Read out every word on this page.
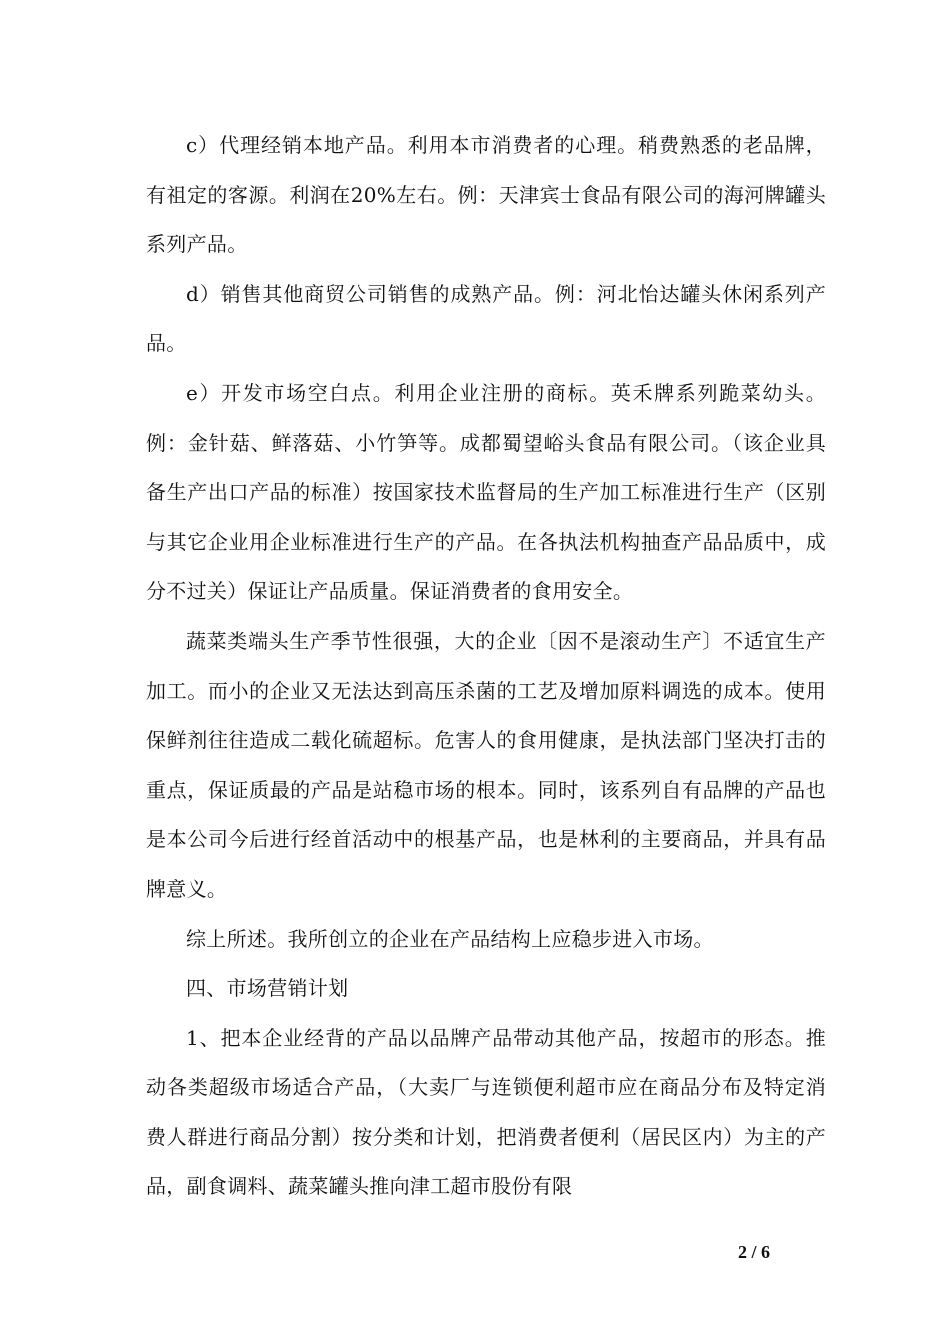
c）代理经销本地产品。利用本市消费者的心理。稍费熟悉的老品牌，有祖定的客源。利润在20%左右。例：天津宾士食品有限公司的海河牌罐头系列产品。

d）销售其他商贸公司销售的成熟产品。例：河北怡达罐头休闲系列产品。

e）开发市场空白点。利用企业注册的商标。英禾牌系列跪菜幼头。例：金针菇、鲜落菇、小竹笋等。成都蜀望峪头食品有限公司。（该企业具备生产出口产品的标准）按国家技术监督局的生产加工标准进行生产（区别与其它企业用企业标准进行生产的产品。在各执法机构抽查产品品质中，成分不过关）保证让产品质量。保证消费者的食用安全。

蔬菜类端头生产季节性很强，大的企业〔因不是滚动生产〕不适宜生产加工。而小的企业又无法达到高压杀菌的工艺及增加原料调选的成本。使用保鲜剂往往造成二载化硫超标。危害人的食用健康，是执法部门坚决打击的重点，保证质最的产品是站稳市场的根本。同时，该系列自有品牌的产品也是本公司今后进行经首活动中的根基产品，也是林利的主要商品，并具有品牌意义。

综上所述。我所创立的企业在产品结构上应稳步进入市场。

四、市场营销计划

1、把本企业经背的产品以品牌产品带动其他产品，按超市的形态。推动各类超级市场适合产品，（大卖厂与连锁便利超市应在商品分布及特定消费人群进行商品分割）按分类和计划，把消费者便利（居民区内）为主的产品，副食调料、蔬菜罐头推向津工超市股份有限

2 / 6
